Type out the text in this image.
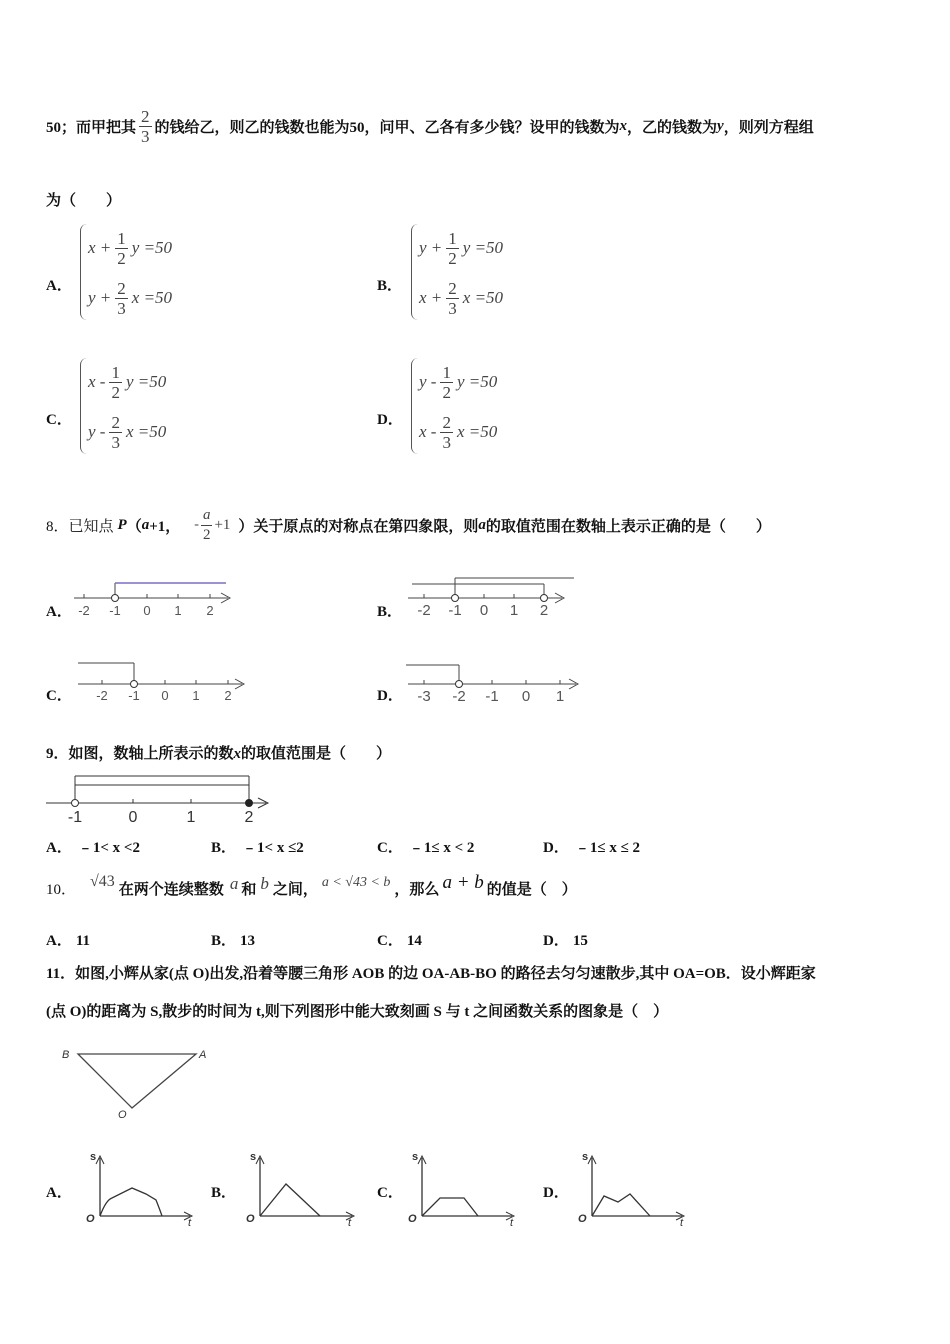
50；而甲把其 $\frac{2}{3}$ 的钱给乙，则乙的钱数也能为50，问甲、乙各有多少钱？设甲的钱数为 x ，乙的钱数为 y ，则列方程组
为（　　）
A．
$x + \frac{1}{2}$ y =50
$y + \frac{2}{3}$ x =50
B．
$y + \frac{1}{2}$ y =50
$x + \frac{2}{3}$ x =50
C．
x - $\frac{1}{2}$ y =50
y - $\frac{2}{3}$ x =50
D．
y - $\frac{1}{2}$ y =50
x - $\frac{2}{3}$ x =50
8．已知点 P （ a +1， - $\frac{a}{2} +1$ ）关于原点的对称点在第四象限，则 a 的取值范围在数轴上表示正确的是（　　）
A．	B．
C．	D．
-2 -1 0 1 2	-2 -1 0 1 2
-2 -1 0 1 2	-3 -2 -1 0 1
9．如图，数轴上所表示的数x的取值范围是（　　）
-1	0	1	2
A． ﹣1< x <2	B． ﹣1< x ≤2	C． ﹣1≤ x < 2	D． ﹣1≤ x ≤ 2
10． √43 在两个连续整数 a 和 b 之间， a < √43 < b ，那么 a + b 的值是（　）
A． 11	B． 13	C． 14	D． 15
11．如图,小辉从家(点 O)出发,沿着等腰三角形 AOB 的边 OA-AB-BO 的路径去匀匀速散步,其中 OA=OB．设小辉距家
(点 O)的距离为 S,散步的时间为 t,则下列图形中能大致刻画 S 与 t 之间函数关系的图象是（　）
B	A
O
A．	B．	C．	D．
s
t
O
s
t
O
s
t
O
s
t
O
